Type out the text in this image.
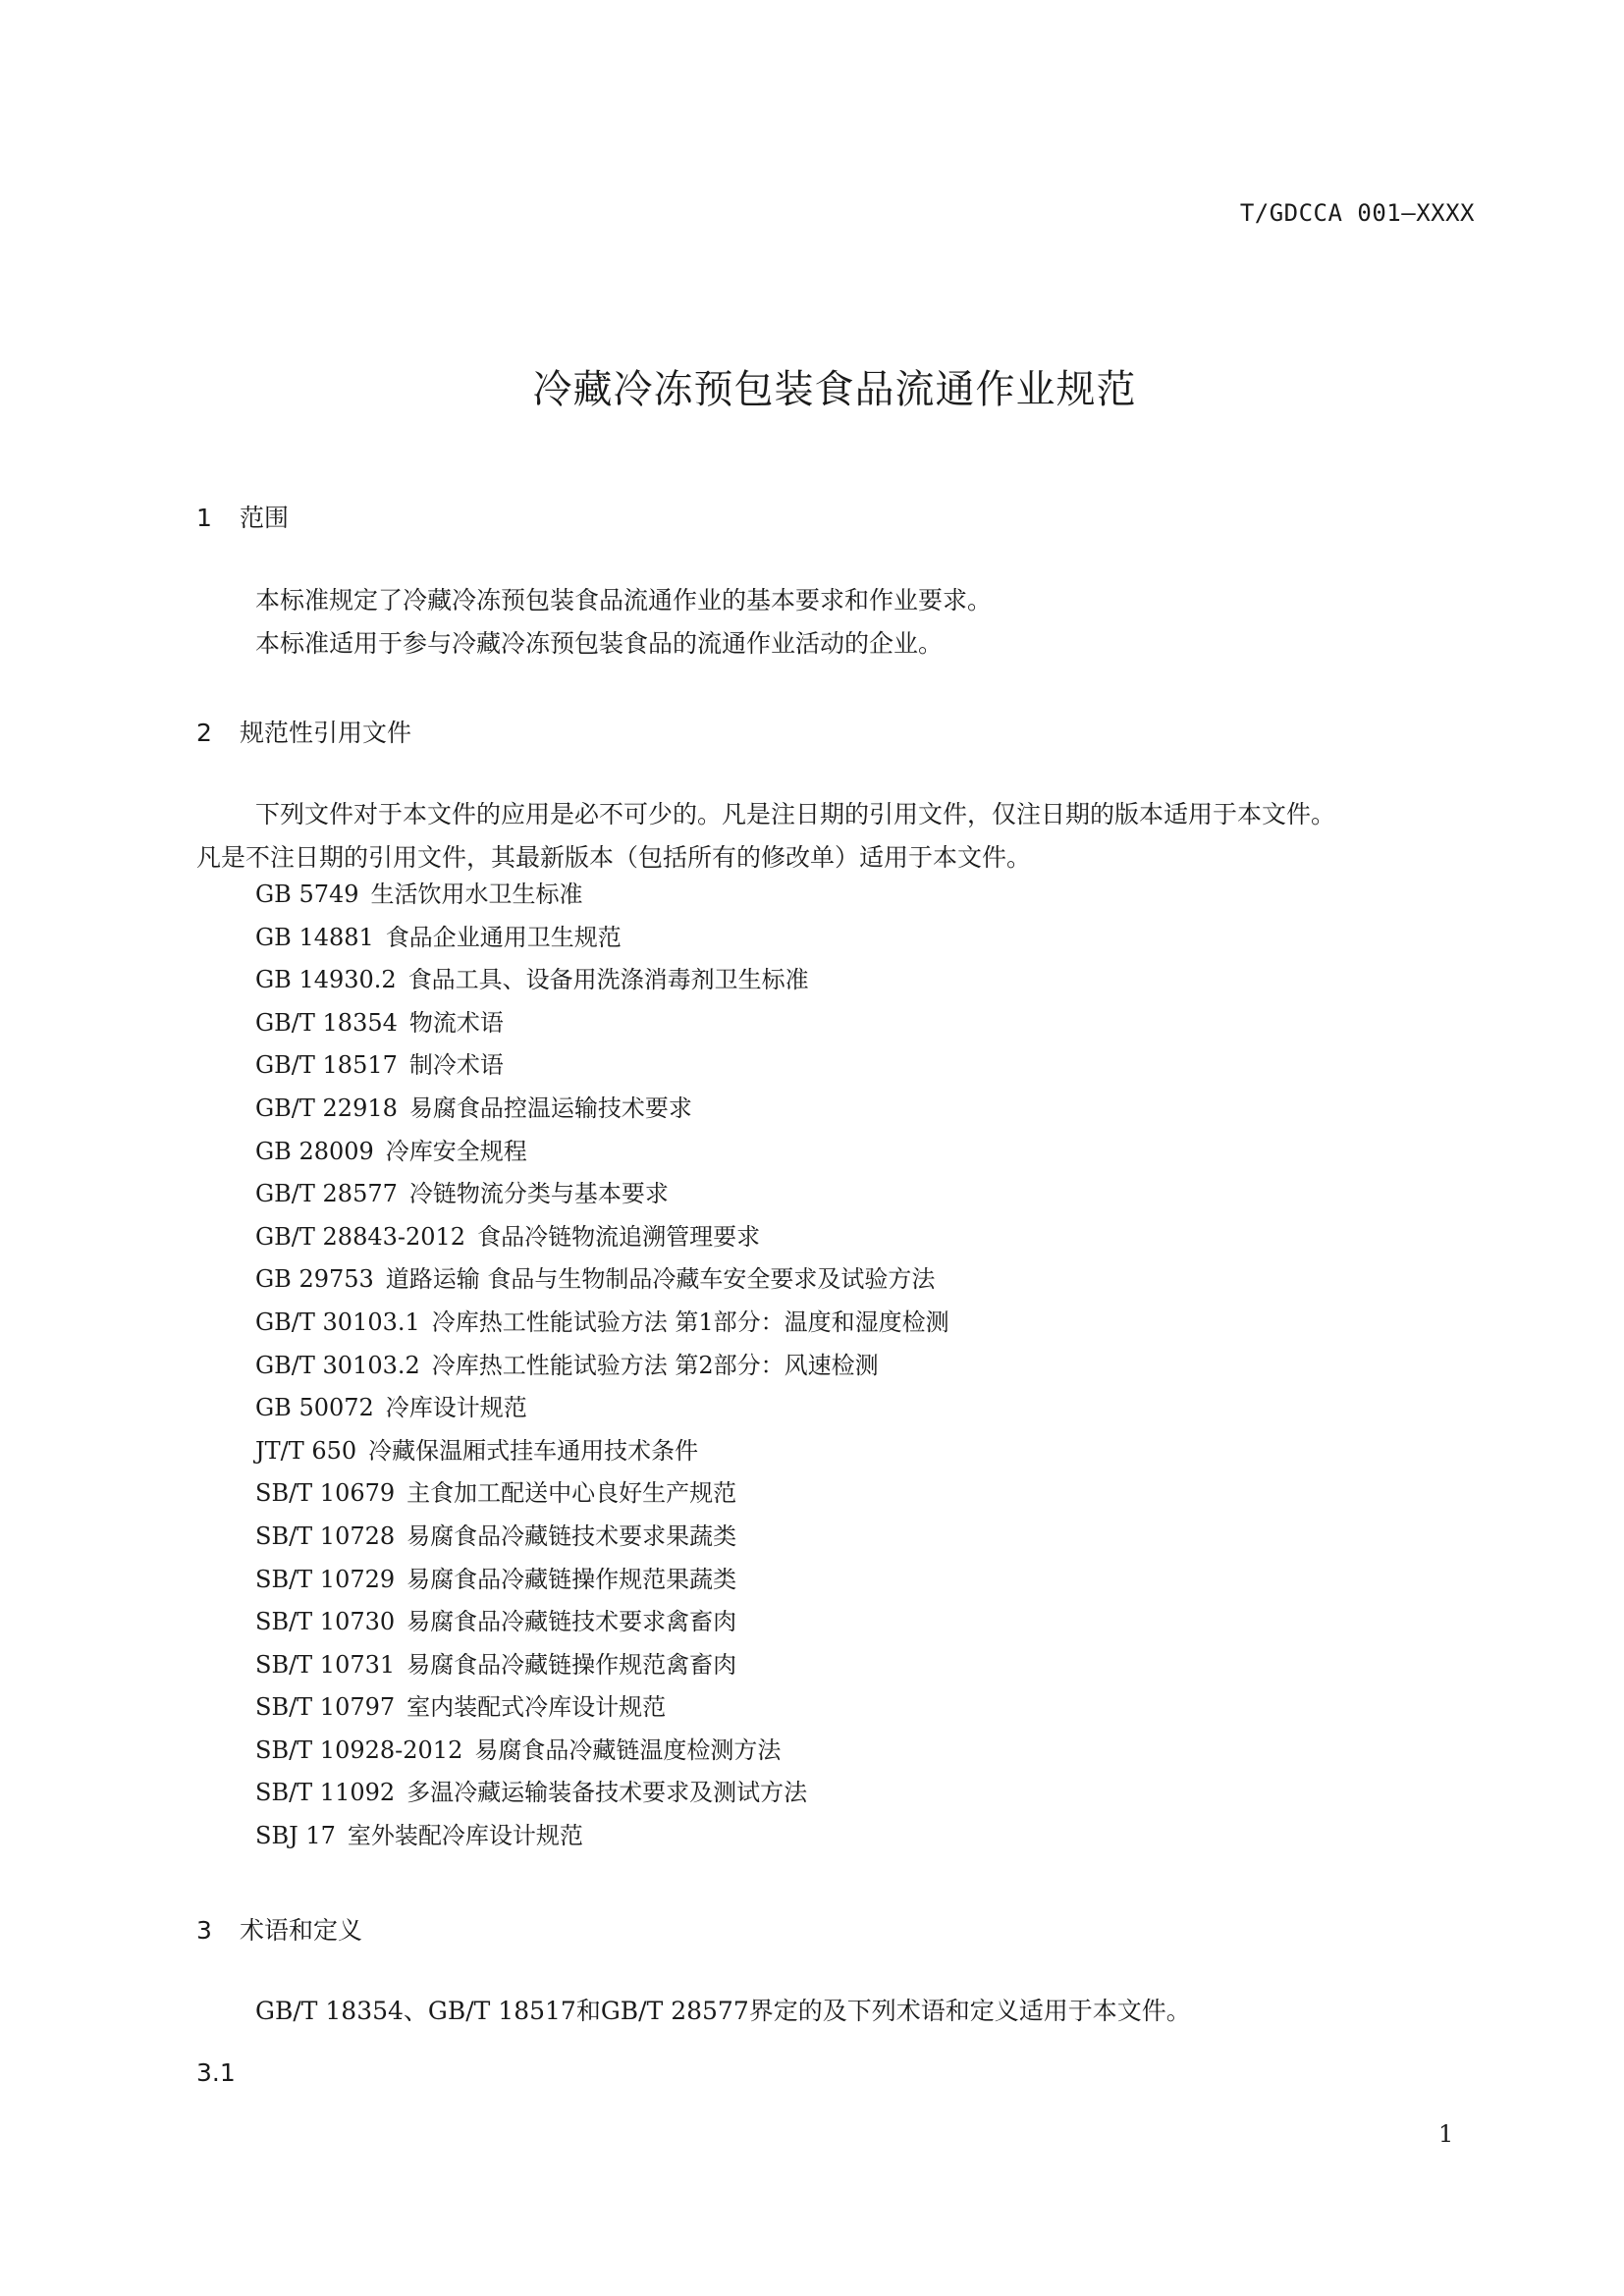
T/GDCCA 001—XXXX
冷藏冷冻预包装食品流通作业规范
1 范围
本标准规定了冷藏冷冻预包装食品流通作业的基本要求和作业要求。
本标准适用于参与冷藏冷冻预包装食品的流通作业活动的企业。
2 规范性引用文件
下列文件对于本文件的应用是必不可少的。凡是注日期的引用文件，仅注日期的版本适用于本文件。
凡是不注日期的引用文件，其最新版本（包括所有的修改单）适用于本文件。
GB 5749 生活饮用水卫生标准
GB 14881 食品企业通用卫生规范
GB 14930.2 食品工具、设备用洗涤消毒剂卫生标准
GB/T 18354 物流术语
GB/T 18517 制冷术语
GB/T 22918 易腐食品控温运输技术要求
GB 28009 冷库安全规程
GB/T 28577 冷链物流分类与基本要求
GB/T 28843-2012 食品冷链物流追溯管理要求
GB 29753 道路运输 食品与生物制品冷藏车安全要求及试验方法
GB/T 30103.1 冷库热工性能试验方法 第1部分：温度和湿度检测
GB/T 30103.2 冷库热工性能试验方法 第2部分：风速检测
GB 50072 冷库设计规范
JT/T 650 冷藏保温厢式挂车通用技术条件
SB/T 10679 主食加工配送中心良好生产规范
SB/T 10728 易腐食品冷藏链技术要求果蔬类
SB/T 10729 易腐食品冷藏链操作规范果蔬类
SB/T 10730 易腐食品冷藏链技术要求禽畜肉
SB/T 10731 易腐食品冷藏链操作规范禽畜肉
SB/T 10797 室内装配式冷库设计规范
SB/T 10928-2012 易腐食品冷藏链温度检测方法
SB/T 11092 多温冷藏运输装备技术要求及测试方法
SBJ 17 室外装配冷库设计规范
3 术语和定义
GB/T 18354、GB/T 18517和GB/T 28577界定的及下列术语和定义适用于本文件。
3.1
1
